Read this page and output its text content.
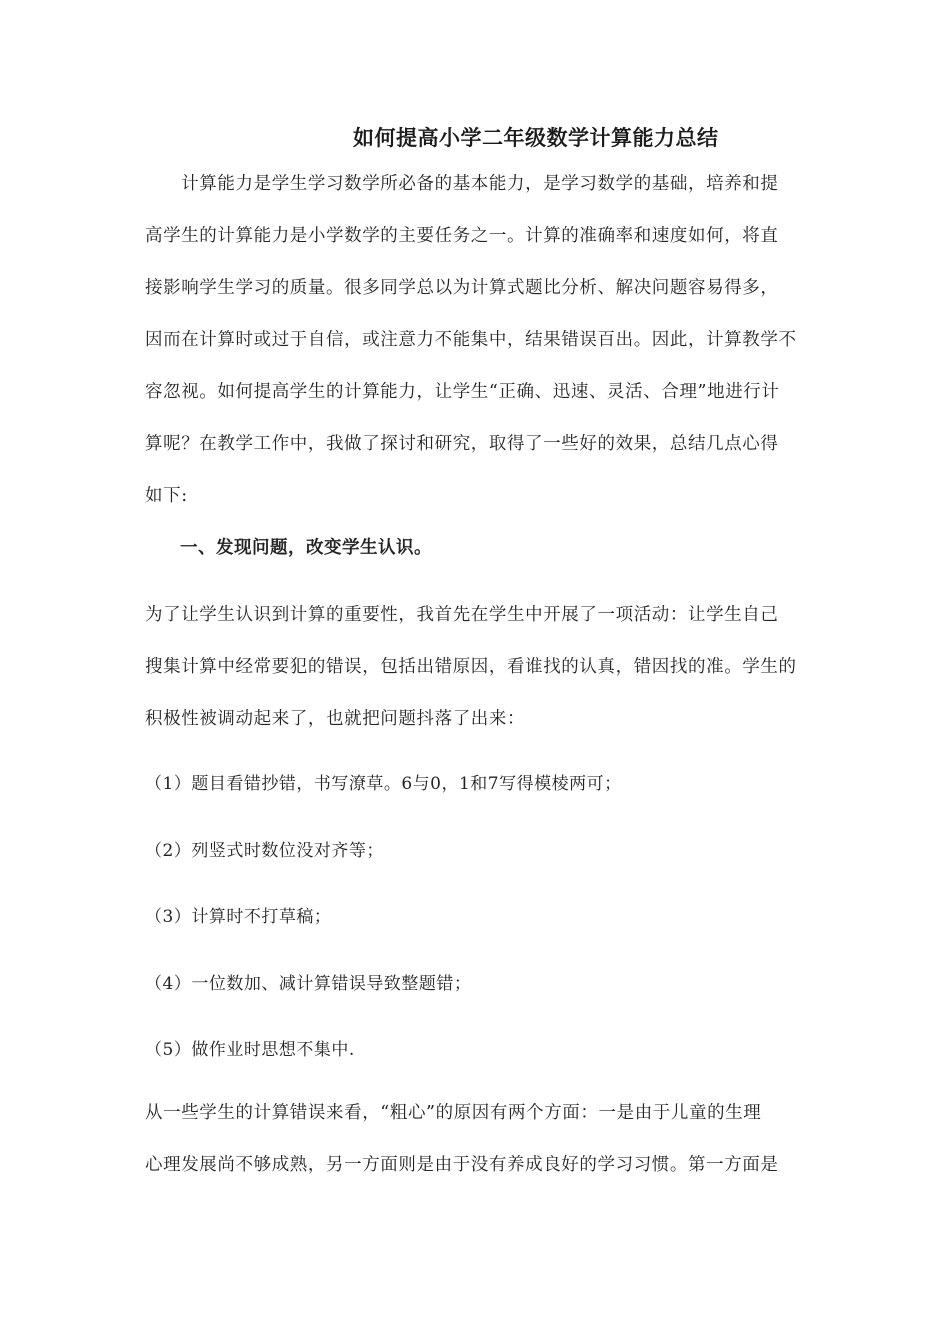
如何提高小学二年级数学计算能力总结

　　计算能力是学生学习数学所必备的基本能力，是学习数学的基础，培养和提
高学生的计算能力是小学数学的主要任务之一。计算的准确率和速度如何，将直
接影响学生学习的质量。很多同学总以为计算式题比分析、解决问题容易得多，
因而在计算时或过于自信，或注意力不能集中，结果错误百出。因此，计算教学不
容忽视。如何提高学生的计算能力，让学生“正确、迅速、灵活、合理”地进行计
算呢？在教学工作中，我做了探讨和研究，取得了一些好的效果，总结几点心得
如下:

一、发现问题，改变学生认识。

为了让学生认识到计算的重要性，我首先在学生中开展了一项活动：让学生自己
搜集计算中经常要犯的错误，包括出错原因，看谁找的认真，错因找的准。学生的
积极性被调动起来了，也就把问题抖落了出来：

（1）题目看错抄错，书写潦草。6与0，1和7写得模棱两可；
（2）列竖式时数位没对齐等；
（3）计算时不打草稿；
（4）一位数加、减计算错误导致整题错；
（5）做作业时思想不集中.

从一些学生的计算错误来看，“粗心”的原因有两个方面：一是由于儿童的生理
心理发展尚不够成熟，另一方面则是由于没有养成良好的学习习惯。第一方面是
